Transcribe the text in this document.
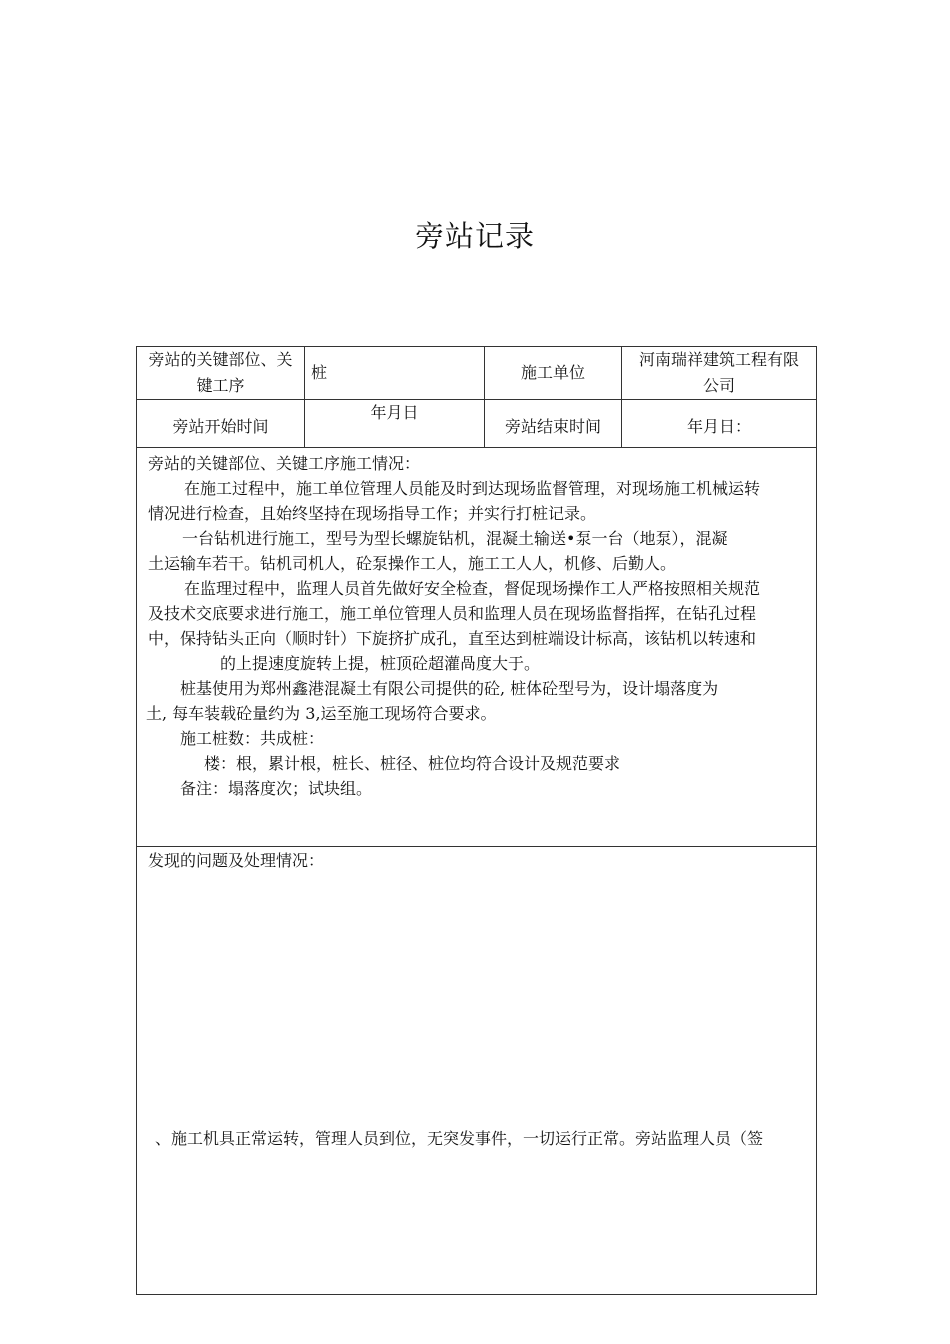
旁站记录
旁站的关键部位、关
键工序
桩	施工单位
河南瑞祥建筑工程有限
公司
旁站开始时间
年月日
旁站结束时间	年月日：
旁站的关键部位、关键工序施工情况：
在施工过程中，施工单位管理人员能及时到达现场监督管理，对现场施工机械运转
情况进行检查，且始终坚持在现场指导工作；并实行打桩记录。
一台钻机进行施工，型号为型长螺旋钻机，混凝土输送•泵一台（地泵），混凝
土运输车若干。钻机司机人，砼泵操作工人，施工工人人，机修、后勤人。
在监理过程中，监理人员首先做好安全检查，督促现场操作工人严格按照相关规范
及技术交底要求进行施工，施工单位管理人员和监理人员在现场监督指挥，在钻孔过程
中，保持钻头正向（顺时针）下旋挤扩成孔，直至达到桩端设计标高，该钻机以转速和
的上提速度旋转上提，桩顶砼超灌咼度大于。
桩基使用为郑州鑫港混凝土有限公司提供的砼, 桩体砼型号为，设计塌落度为
土, 每车装载砼量约为 3,运至施工现场符合要求。
施工桩数：共成桩：
楼：根，累计根，桩长、桩径、桩位均符合设计及规范要求
备注：塌落度次；试块组。
发现的问题及处理情况：
、施工机具正常运转，管理人员到位，无突发事件，一切运行正常。旁站监理人员（签
